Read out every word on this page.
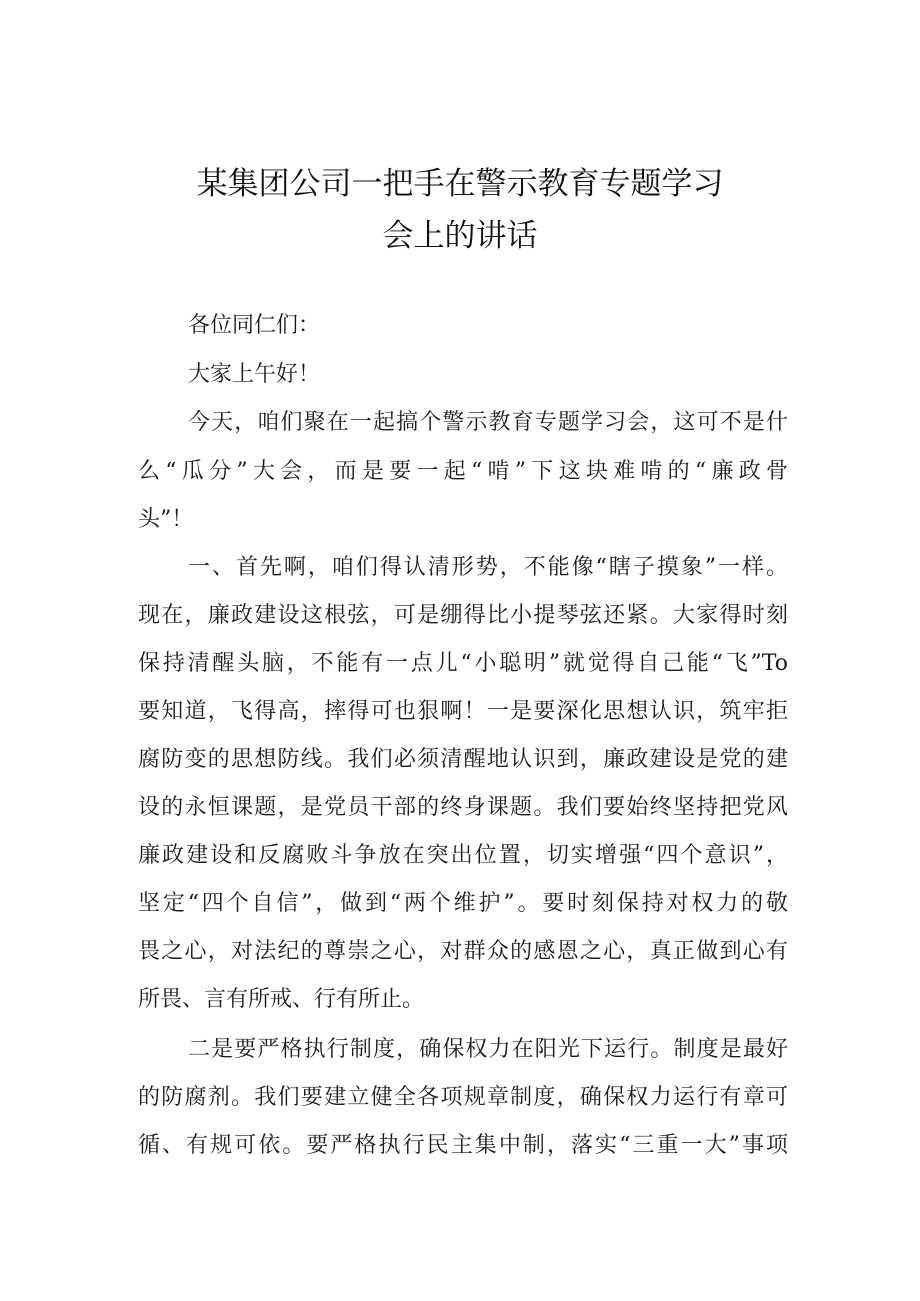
某集团公司一把手在警示教育专题学习
会上的讲话
各位同仁们：
大家上午好！
今天，咱们聚在一起搞个警示教育专题学习会，这可不是什
么“瓜分”大会，而是要一起“啃”下这块难啃的“廉政骨
头”！
一、首先啊，咱们得认清形势，不能像“瞎子摸象”一样。
现在，廉政建设这根弦，可是绷得比小提琴弦还紧。大家得时刻
保持清醒头脑，不能有一点儿“小聪明”就觉得自己能“飞”To
要知道，飞得高，摔得可也狠啊！一是要深化思想认识，筑牢拒
腐防变的思想防线。我们必须清醒地认识到，廉政建设是党的建
设的永恒课题，是党员干部的终身课题。我们要始终坚持把党风
廉政建设和反腐败斗争放在突出位置，切实增强“四个意识”，
坚定“四个自信”，做到“两个维护”。要时刻保持对权力的敬
畏之心，对法纪的尊崇之心，对群众的感恩之心，真正做到心有
所畏、言有所戒、行有所止。
二是要严格执行制度，确保权力在阳光下运行。制度是最好
的防腐剂。我们要建立健全各项规章制度，确保权力运行有章可
循、有规可依。要严格执行民主集中制，落实“三重一大”事项
